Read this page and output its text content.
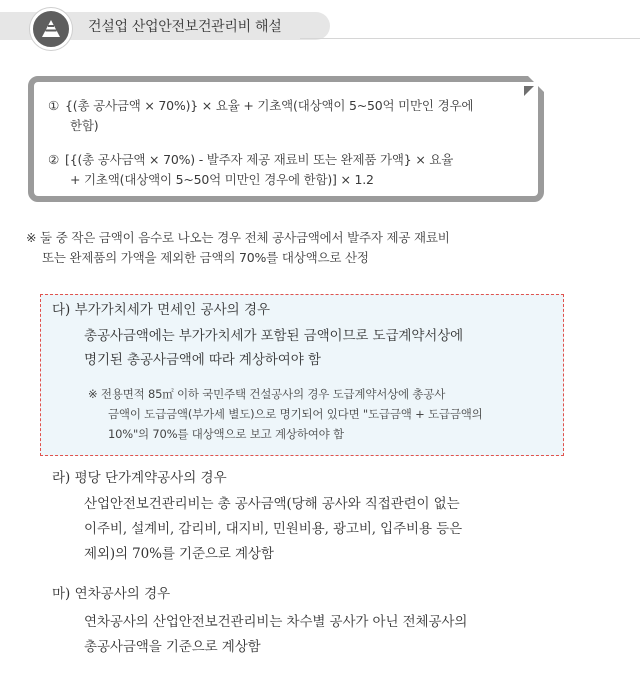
건설업 산업안전보건관리비 해설
① {(총 공사금액 × 70%)} × 요율 + 기초액(대상액이 5~50억 미만인 경우에
한함)
② [{(총 공사금액 × 70%) - 발주자 제공 재료비 또는 완제품 가액} × 요율
+ 기초액(대상액이 5~50억 미만인 경우에 한함)] × 1.2
※ 둘 중 작은 금액이 음수로 나오는 경우 전체 공사금액에서 발주자 제공 재료비
또는 완제품의 가액을 제외한 금액의 70%를 대상액으로 산정
다) 부가가치세가 면세인 공사의 경우
총공사금액에는 부가가치세가 포함된 금액이므로 도급계약서상에
명기된 총공사금액에 따라 계상하여야 함
※ 전용면적 85㎡ 이하 국민주택 건설공사의 경우 도급계약서상에 총공사
금액이 도급금액(부가세 별도)으로 명기되어 있다면 "도급금액 + 도급금액의
10%"의 70%를 대상액으로 보고 계상하여야 함
라) 평당 단가계약공사의 경우
산업안전보건관리비는 총 공사금액(당해 공사와 직접관련이 없는
이주비, 설계비, 감리비, 대지비, 민원비용, 광고비, 입주비용 등은
제외)의 70%를 기준으로 계상함
마) 연차공사의 경우
연차공사의 산업안전보건관리비는 차수별 공사가 아닌 전체공사의
총공사금액을 기준으로 계상함
